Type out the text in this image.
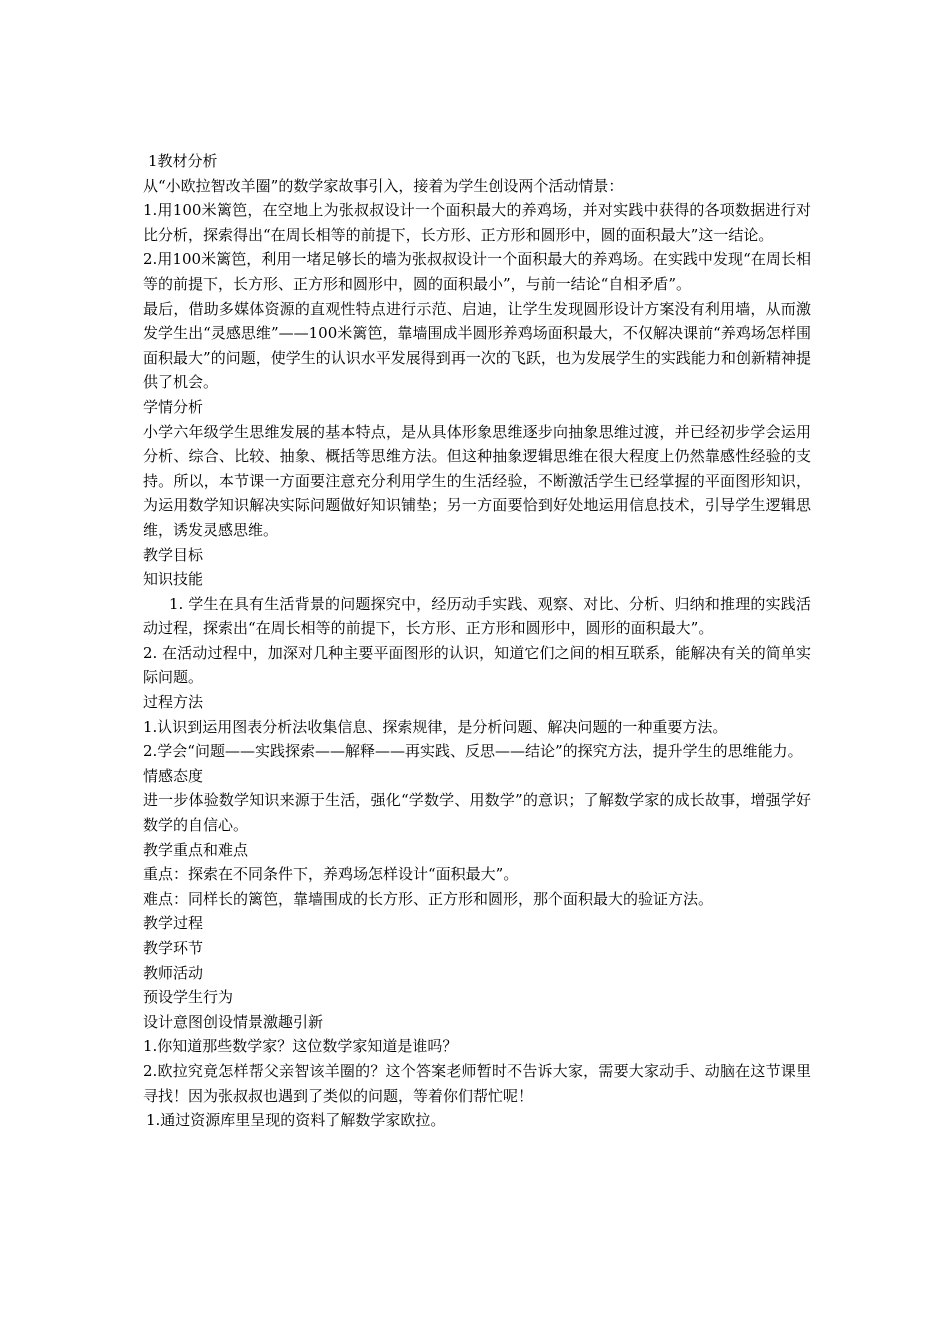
1教材分析

从“小欧拉智改羊圈”的数学家故事引入，接着为学生创设两个活动情景：

1.用100米篱笆，在空地上为张叔叔设计一个面积最大的养鸡场，并对实践中获得的各项数据进行对比分析，探索得出“在周长相等的前提下，长方形、正方形和圆形中，圆的面积最大”这一结论。

2.用100米篱笆，利用一堵足够长的墙为张叔叔设计一个面积最大的养鸡场。在实践中发现“在周长相等的前提下，长方形、正方形和圆形中，圆的面积最小”，与前一结论“自相矛盾”。

最后，借助多媒体资源的直观性特点进行示范、启迪，让学生发现圆形设计方案没有利用墙，从而激发学生出“灵感思维”——100米篱笆，靠墙围成半圆形养鸡场面积最大，不仅解决课前“养鸡场怎样围面积最大”的问题，使学生的认识水平发展得到再一次的飞跃，也为发展学生的实践能力和创新精神提供了机会。

学情分析

小学六年级学生思维发展的基本特点，是从具体形象思维逐步向抽象思维过渡，并已经初步学会运用分析、综合、比较、抽象、概括等思维方法。但这种抽象逻辑思维在很大程度上仍然靠感性经验的支持。所以，本节课一方面要注意充分利用学生的生活经验，不断激活学生已经掌握的平面图形知识，为运用数学知识解决实际问题做好知识铺垫；另一方面要恰到好处地运用信息技术，引导学生逻辑思维，诱发灵感思维。

教学目标

知识技能

1. 学生在具有生活背景的问题探究中，经历动手实践、观察、对比、分析、归纳和推理的实践活动过程，探索出“在周长相等的前提下，长方形、正方形和圆形中，圆形的面积最大”。

2. 在活动过程中，加深对几种主要平面图形的认识，知道它们之间的相互联系，能解决有关的简单实际问题。

过程方法

1.认识到运用图表分析法收集信息、探索规律，是分析问题、解决问题的一种重要方法。

2.学会“问题——实践探索——解释——再实践、反思——结论”的探究方法，提升学生的思维能力。

情感态度

进一步体验数学知识来源于生活，强化“学数学、用数学”的意识；了解数学家的成长故事，增强学好数学的自信心。

教学重点和难点

重点：探索在不同条件下，养鸡场怎样设计“面积最大”。

难点：同样长的篱笆，靠墙围成的长方形、正方形和圆形，那个面积最大的验证方法。

教学过程

教学环节

教师活动

预设学生行为

设计意图创设情景激趣引新

1.你知道那些数学家？这位数学家知道是谁吗？

2.欧拉究竟怎样帮父亲智该羊圈的？这个答案老师暂时不告诉大家，需要大家动手、动脑在这节课里寻找！因为张叔叔也遇到了类似的问题，等着你们帮忙呢！

1.通过资源库里呈现的资料了解数学家欧拉。
